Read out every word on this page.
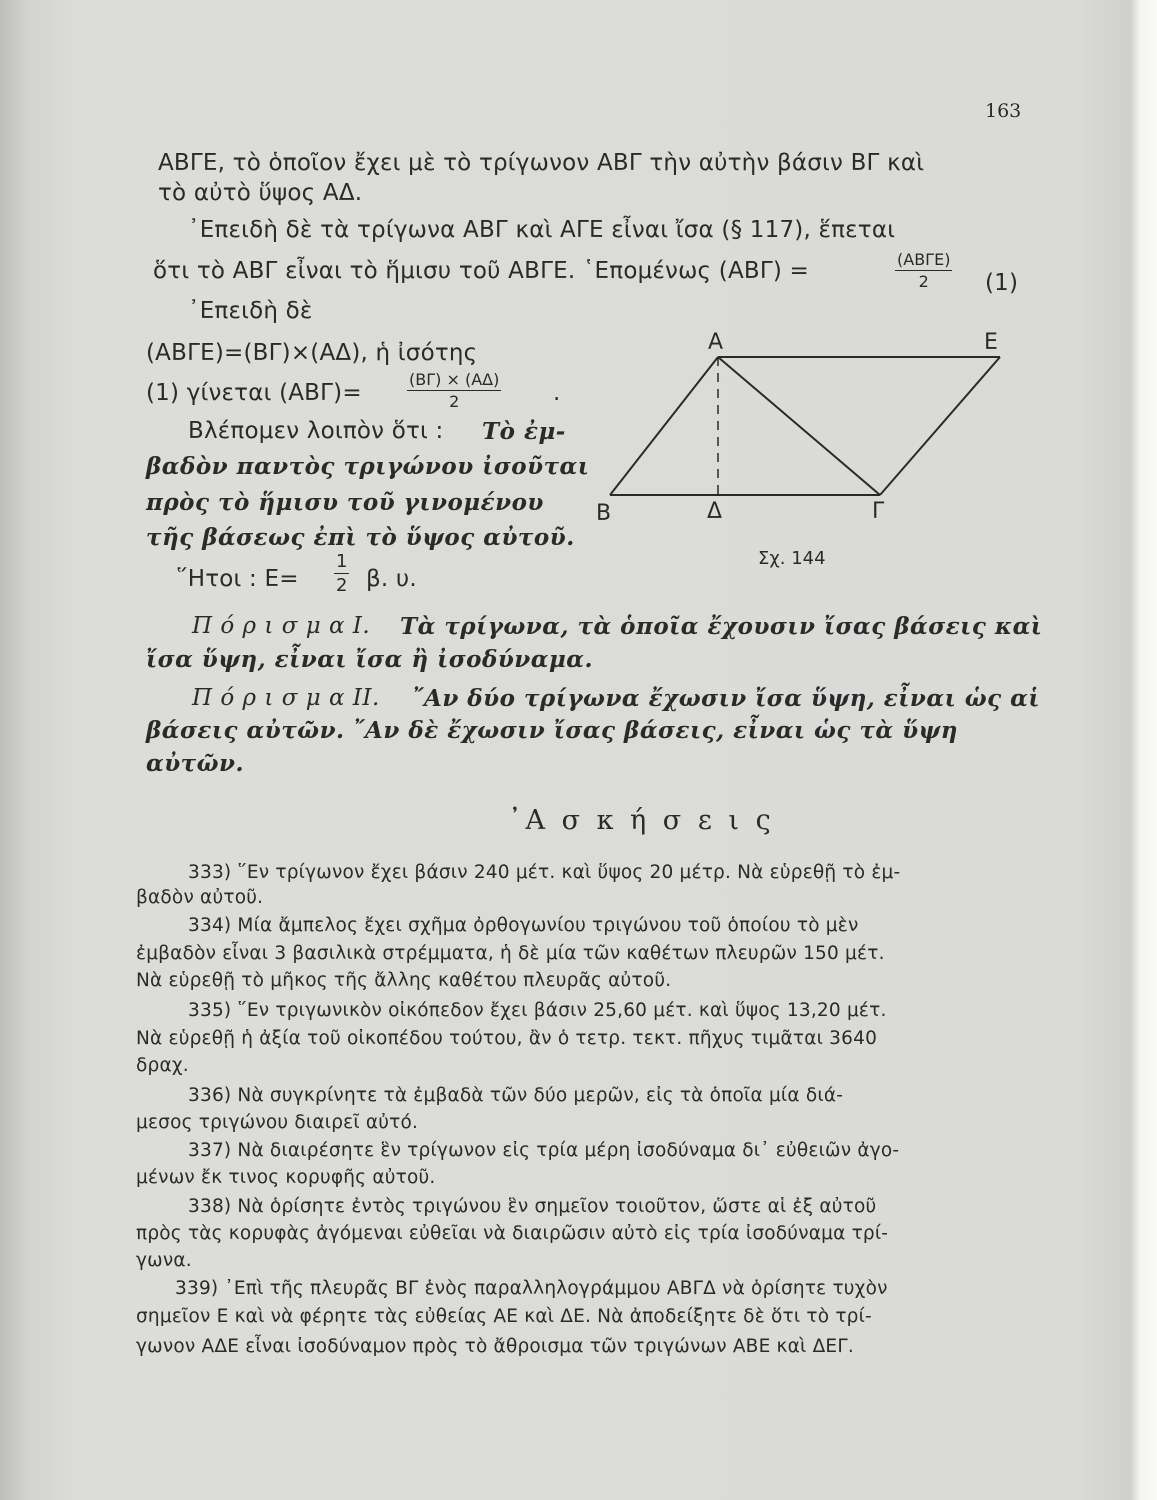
163
ΑΒΓΕ, τὸ ὁποῖον ἔχει μὲ τὸ τρίγωνον ΑΒΓ τὴν αὐτὴν βάσιν ΒΓ καὶ
τὸ αὐτὸ ὕψος ΑΔ.
᾿Επειδὴ δὲ τὰ τρίγωνα ΑΒΓ καὶ ΑΓΕ εἶναι ἴσα (§ 117), ἕπεται
ὅτι τὸ ΑΒΓ εἶναι τὸ ἥμισυ τοῦ ΑΒΓΕ. ῾Επομένως (ΑΒΓ) =	(ΑΒΓΕ)
2	(1)
᾿Επειδὴ δὲ
(ΑΒΓΕ)=(ΒΓ)×(ΑΔ), ἡ ἰσότης
(1) γίνεται (ΑΒΓ)=	$\frac{(B\Gamma) \times (A\Delta)}{2}$ .
Βλέπομεν λοιπὸν ὅτι : Τὸ ἐμ-
βαδὸν παντὸς τριγώνου ἰσοῦται
πρὸς τὸ ἥμισυ τοῦ γινομένου
τῆς βάσεως ἐπὶ τὸ ὕψος αὐτοῦ.
῞Ητοι : $E= \frac{1}{2} \beta$. υ.
Α	Ε
Β	Δ	Γ
Σχ. 144
Π ό ρ ι σ μ α Ι. Τὰ τρίγωνα, τὰ ὁποῖα ἔχουσιν ἴσας βάσεις καὶ
ἴσα ὕψη, εἶναι ἴσα ἢ ἰσοδύναμα.
Π ό ρ ι σ μ α ΙΙ. ῎Αν δύο τρίγωνα ἔχωσιν ἴσα ὕψη, εἶναι ὡς αἱ
βάσεις αὐτῶν. ῎Αν δὲ ἔχωσιν ἴσας βάσεις, εἶναι ὡς τὰ ὕψη
αὐτῶν.
᾿Α σ κ ή σ ε ι ς
333) ῞Εν τρίγωνον ἔχει βάσιν 240 μέτ. καὶ ὕψος 20 μέτρ. Νὰ εὑρεθῇ τὸ ἐμ-
βαδὸν αὐτοῦ.
334) Μία ἄμπελος ἔχει σχῆμα ὀρθογωνίου τριγώνου τοῦ ὁποίου τὸ μὲν
ἐμβαδὸν εἶναι 3 βασιλικὰ στρέμματα, ἡ δὲ μία τῶν καθέτων πλευρῶν 150 μέτ.
Νὰ εὑρεθῇ τὸ μῆκος τῆς ἄλλης καθέτου πλευρᾶς αὐτοῦ.
335) ῞Εν τριγωνικὸν οἰκόπεδον ἔχει βάσιν 25,60 μέτ. καὶ ὕψος 13,20 μέτ.
Νὰ εὑρεθῇ ἡ ἀξία τοῦ οἰκοπέδου τούτου, ἂν ὁ τετρ. τεκτ. πῆχυς τιμᾶται 3640
δραχ.
336) Νὰ συγκρίνητε τὰ ἐμβαδὰ τῶν δύο μερῶν, εἰς τὰ ὁποῖα μία διά-
μεσος τριγώνου διαιρεῖ αὐτό.
337) Νὰ διαιρέσητε ἓν τρίγωνον εἰς τρία μέρη ἰσοδύναμα δι᾿ εὐθειῶν ἀγο-
μένων ἔκ τινος κορυφῆς αὐτοῦ.
338) Νὰ ὁρίσητε ἐντὸς τριγώνου ἓν σημεῖον τοιοῦτον, ὥστε αἱ ἐξ αὐτοῦ
πρὸς τὰς κορυφὰς ἀγόμεναι εὐθεῖαι νὰ διαιρῶσιν αὐτὸ εἰς τρία ἰσοδύναμα τρί-
γωνα.
339) ᾿Επὶ τῆς πλευρᾶς ΒΓ ἑνὸς παραλληλογράμμου ΑΒΓΔ νὰ ὁρίσητε τυχὸν
σημεῖον Ε καὶ νὰ φέρητε τὰς εὐθείας ΑΕ καὶ ΔΕ. Νὰ ἀποδείξητε δὲ ὅτι τὸ τρί-
γωνον ΑΔΕ εἶναι ἰσοδύναμον πρὸς τὸ ἄθροισμα τῶν τριγώνων ΑΒΕ καὶ ΔΕΓ.
